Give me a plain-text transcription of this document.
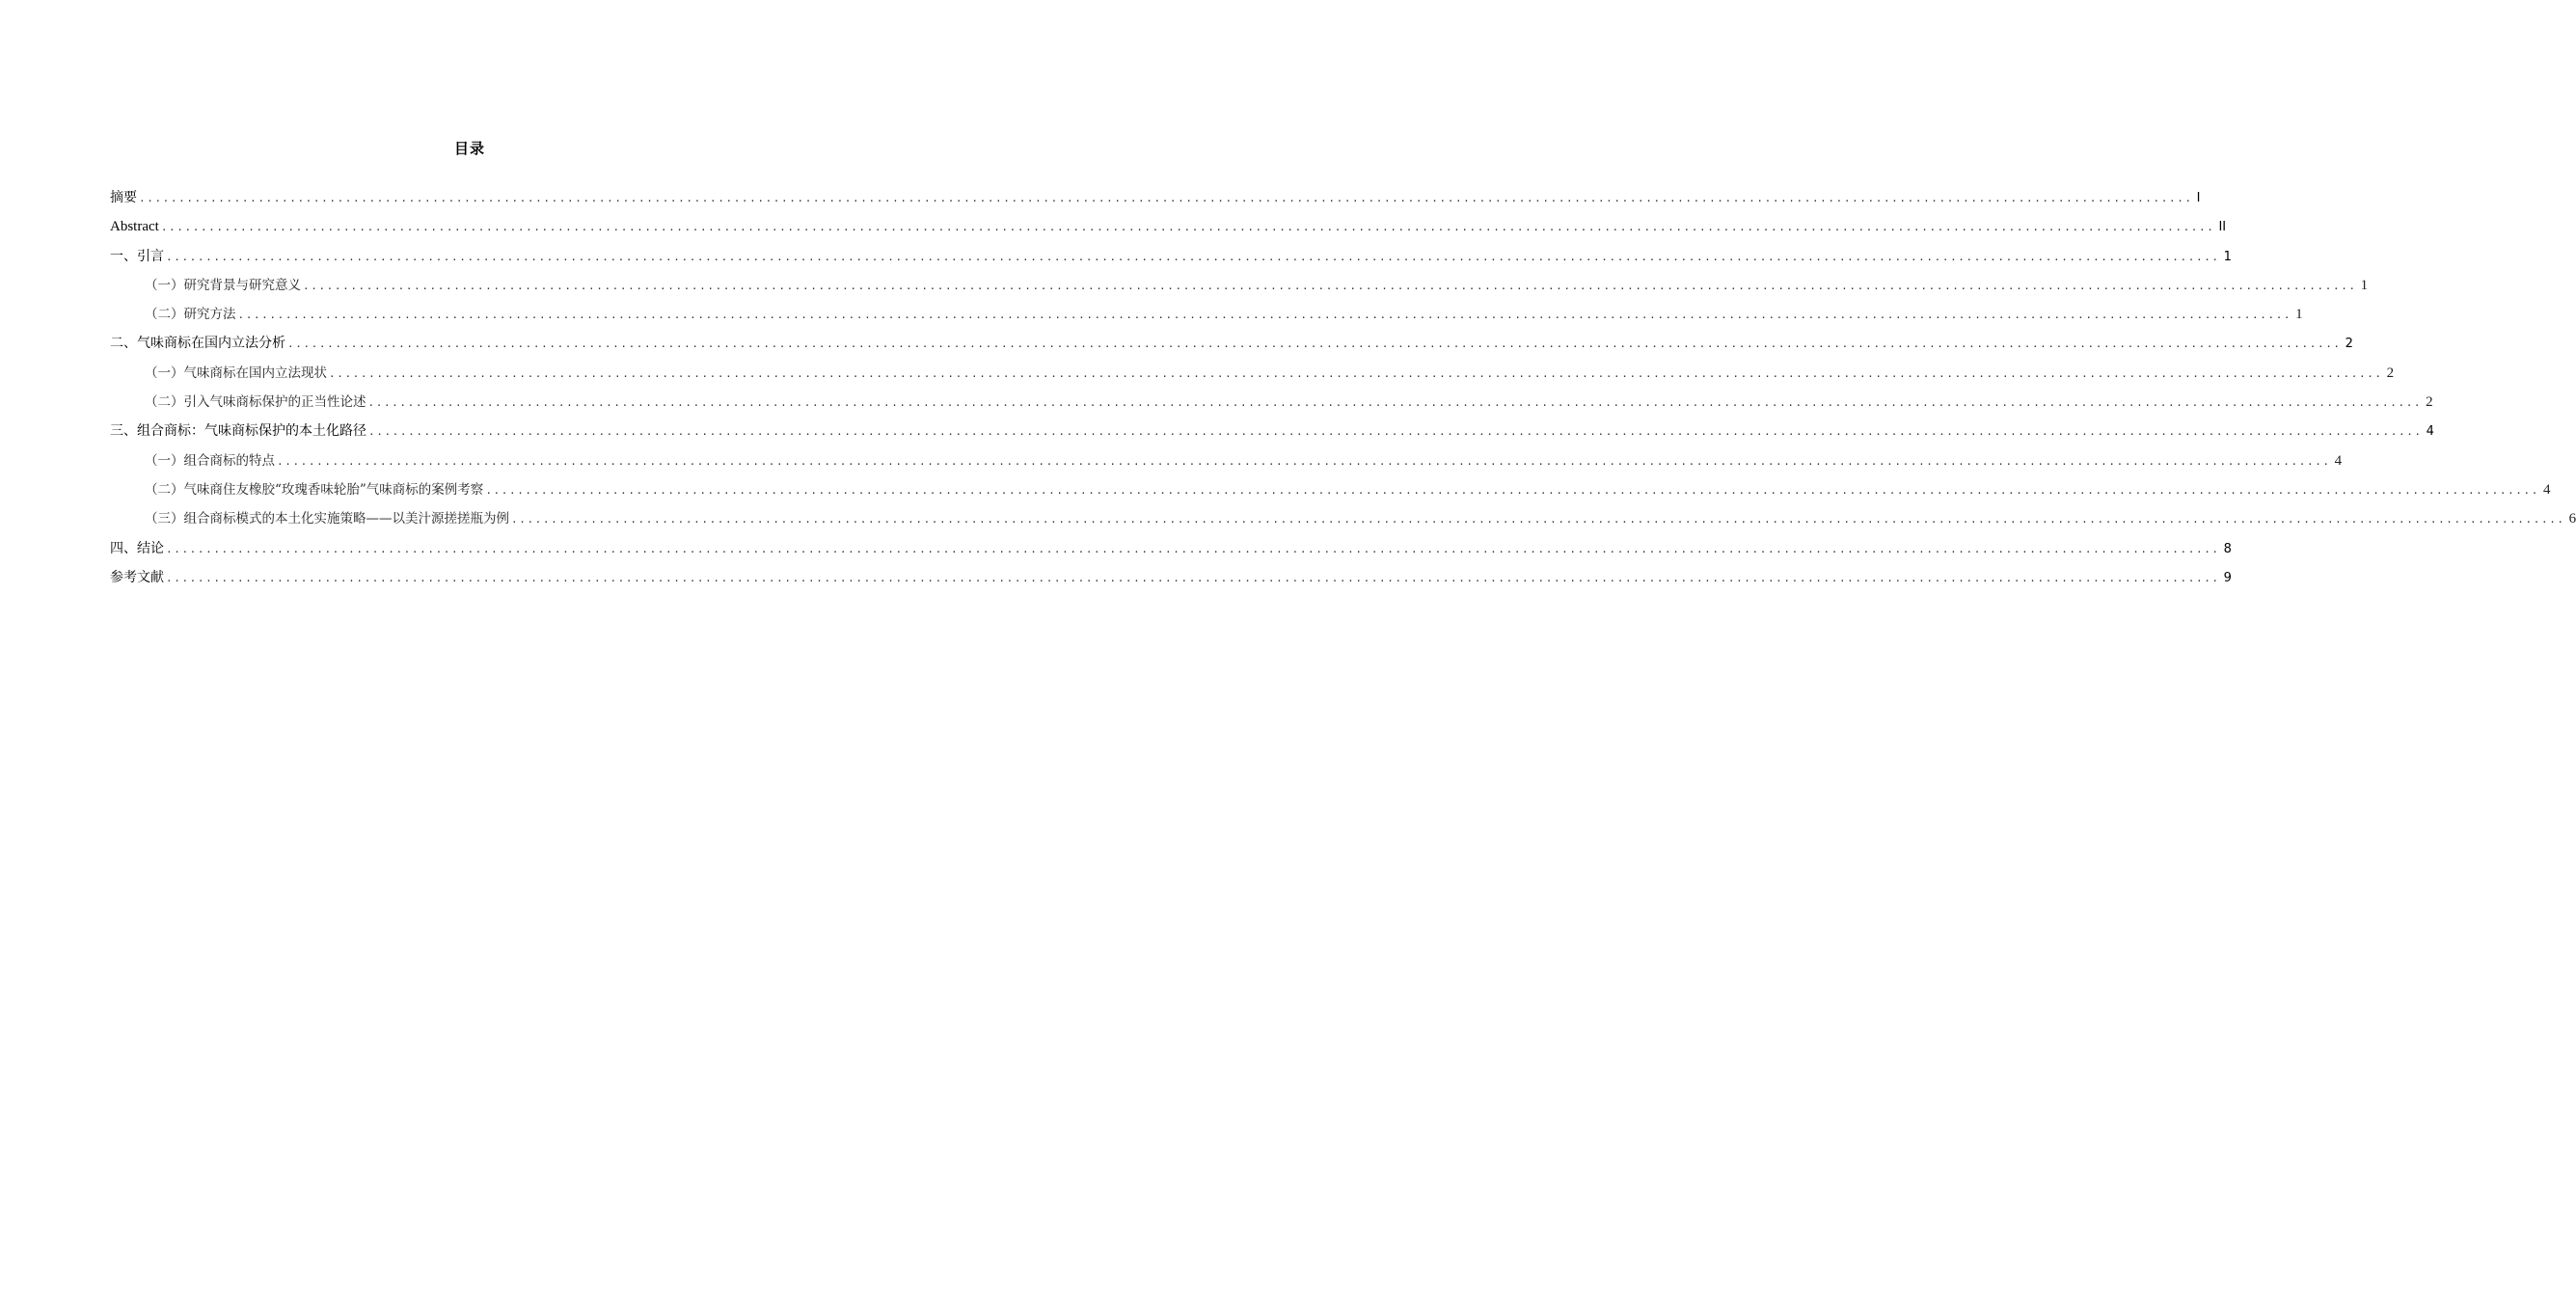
目录
摘要 ................................................................................................................................................................................................................................................................... I
Abstract ................................................................................................................................................................................................................................................................... II
一、引言 ................................................................................................................................................................................................................................................................... 1
（一）研究背景与研究意义 ................................................................................................................................................................................................................................................................... 1
（二）研究方法 ................................................................................................................................................................................................................................................................... 1
二、气味商标在国内立法分析 ................................................................................................................................................................................................................................................................... 2
（一）气味商标在国内立法现状 ................................................................................................................................................................................................................................................................... 2
（二）引入气味商标保护的正当性论述 ................................................................................................................................................................................................................................................................... 2
三、组合商标：气味商标保护的本土化路径 ................................................................................................................................................................................................................................................................... 4
（一）组合商标的特点 ................................................................................................................................................................................................................................................................... 4
（二）气味商住友橡胶“玫瑰香味轮胎”气味商标的案例考察 ................................................................................................................................................................................................................................................................... 4
（三）组合商标模式的本土化实施策略——以美汁源搓搓瓶为例 ................................................................................................................................................................................................................................................................... 6
四、结论 ................................................................................................................................................................................................................................................................... 8
参考文献 ................................................................................................................................................................................................................................................................... 9
